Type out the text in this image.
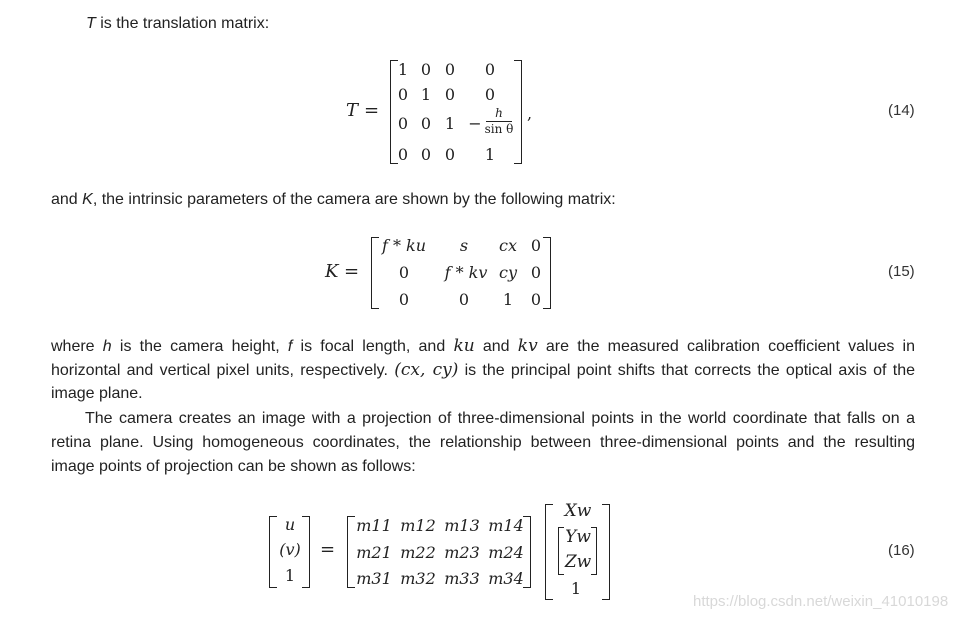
T is the translation matrix:
T =
1 0 0 0
0 1 0 0
0 0 1 −
h
sin θ
0 0 0 1
,	(14)
and K, the intrinsic parameters of the camera are shown by the following matrix:
K =
f * ku	s	cx 0
0	f * kv cy 0
0	0	1	0
(15)
where h is the camera height, f is focal length, and ku and kv are the measured calibration coefficient values in
horizontal and vertical pixel units, respectively. (cx, cy) is the principal point shifts that corrects the optical axis of the
image plane.
The camera creates an image with a projection of three-dimensional points in the world coordinate that falls on a
retina plane. Using homogeneous coordinates, the relationship between three-dimensional points and the resulting
image points of projection can be shown as follows:
u
(v)
1
=
m11 m12 m13 m14
m21 m22 m23 m24
m31 m32 m33 m34
Xw
Yw
Zw
1
(16)
https://blog.csdn.net/weixin_41010198
